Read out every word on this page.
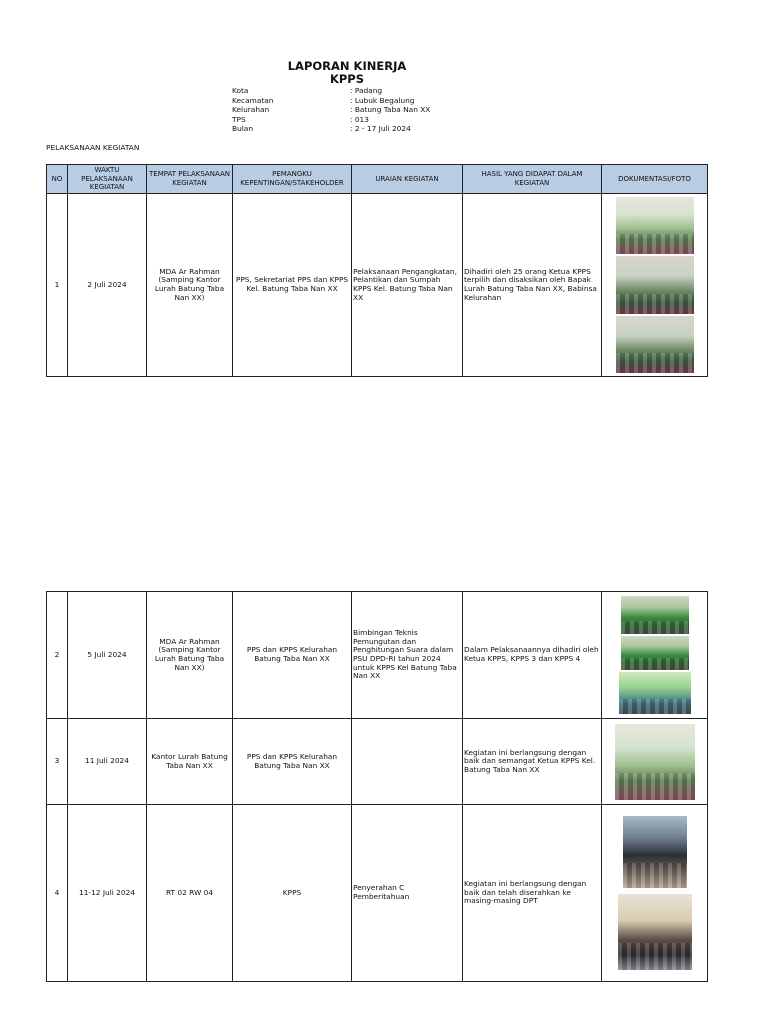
LAPORAN KINERJA
KPPS
Kota	: Padang
Kecamatan	: Lubuk Begalung
Kelurahan	: Batung Taba Nan XX
TPS	: 013
Bulan	: 2 - 17 Juli 2024
PELAKSANAAN KEGIATAN
NO	WAKTU PELAKSANAAN KEGIATAN	TEMPAT PELAKSANAAN KEGIATAN	PEMANGKU KEPENTINGAN/STAKEHOLDER	URAIAN KEGIATAN	HASIL YANG DIDAPAT DALAM KEGIATAN	DOKUMENTASI/FOTO
1	2 Juli 2024	MDA Ar Rahman (Samping Kantor Lurah Batung Taba Nan XX)	PPS, Sekretariat PPS dan KPPS Kel. Batung Taba Nan XX	Pelaksanaan Pengangkatan, Pelantikan dan Sumpah KPPS Kel. Batung Taba Nan XX	Dihadiri oleh 25 orang Ketua KPPS terpilih dan disaksikan oleh Bapak Lurah Batung Taba Nan XX, Babinsa Kelurahan	
2	5 Juli 2024	MDA Ar Rahman (Samping Kantor Lurah Batung Taba Nan XX)	PPS dan KPPS Kelurahan Batung Taba Nan XX	Bimbingan Teknis Pemungutan dan Penghitungan Suara dalam PSU DPD-RI tahun 2024 untuk KPPS Kel Batung Taba Nan XX	Dalam Pelaksanaannya dihadiri oleh Ketua KPPS, KPPS 3 dan KPPS 4	

3	11 Juli 2024	Kantor Lurah Batung Taba Nan XX	PPS dan KPPS Kelurahan Batung Taba Nan XX		Kegiatan ini berlangsung dengan baik dan semangat Ketua KPPS Kel. Batung Taba Nan XX	

4	11-12 Juli 2024	RT 02 RW 04	KPPS	Penyerahan C Pemberitahuan	Kegiatan ini berlangsung dengan baik dan telah diserahkan ke masing-masing DPT	
